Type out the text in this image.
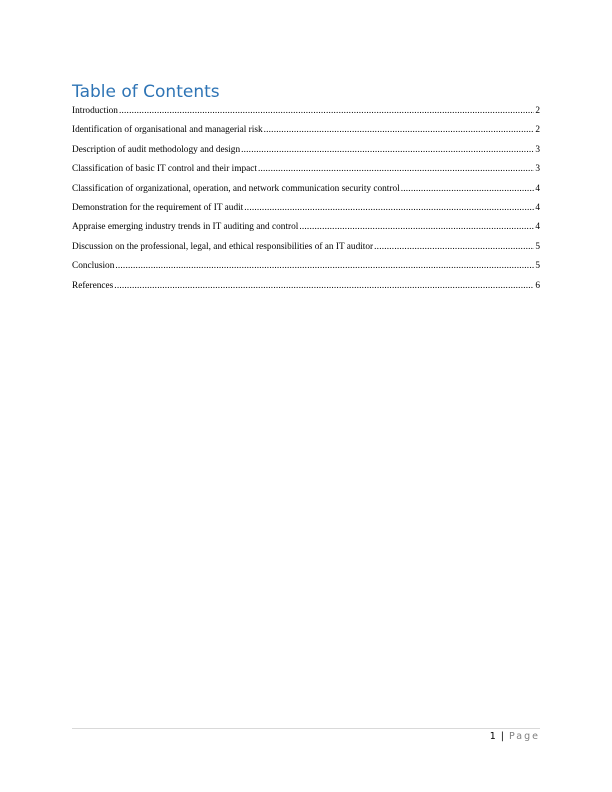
Table of Contents
Introduction .....	2
Identification of organisational and managerial risk .....	2
Description of audit methodology and design .....	3
Classification of basic IT control and their impact .....	3
Classification of organizational, operation, and network communication security control .....	4
Demonstration for the requirement of IT audit .....	4
Appraise emerging industry trends in IT auditing and control .....	4
Discussion on the professional, legal, and ethical responsibilities of an IT auditor .....	5
Conclusion .....	5
References .....	6
1 | Page
